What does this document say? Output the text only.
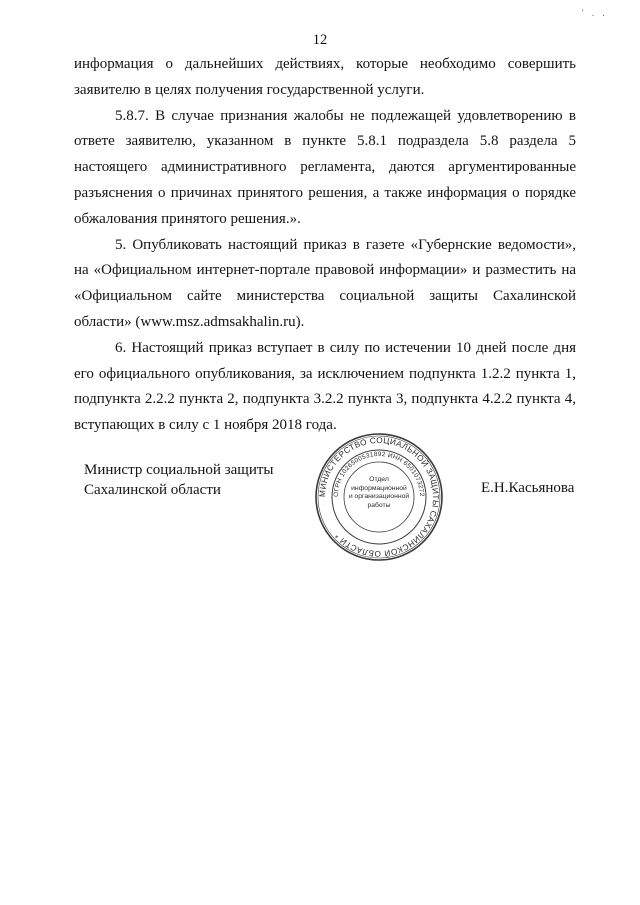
12
' . .

информация о дальнейших действиях, которые необходимо совершить заявителю в целях получения государственной услуги.

5.8.7. В случае признания жалобы не подлежащей удовлетворению в ответе заявителю, указанном в пункте 5.8.1 подраздела 5.8 раздела 5 настоящего административного регламента, даются аргументированные разъяснения о причинах принятого решения, а также информация о порядке обжалования принятого решения.».

5. Опубликовать настоящий приказ в газете «Губернские ведомости», на «Официальном интернет-портале правовой информации» и разместить на «Официальном сайте министерства социальной защиты Сахалинской области» (www.msz.admsakhalin.ru).

6. Настоящий приказ вступает в силу по истечении 10 дней после дня его официального опубликования, за исключением подпункта 1.2.2 пункта 1, подпункта 2.2.2 пункта 2, подпункта 3.2.2 пункта 3, подпункта 4.2.2 пункта 4, вступающих в силу с 1 ноября 2018 года.

Министр социальной защиты
Сахалинской области	Е.Н.Касьянова
МИНИСТЕРСТВО СОЦИАЛЬНОЙ ЗАЩИТЫ САХАЛИНСКОЙ ОБЛАСТИ *
ОГРН 1026500531892 ИНН 6501073272
Отдел
информационной
и организационной
работы
